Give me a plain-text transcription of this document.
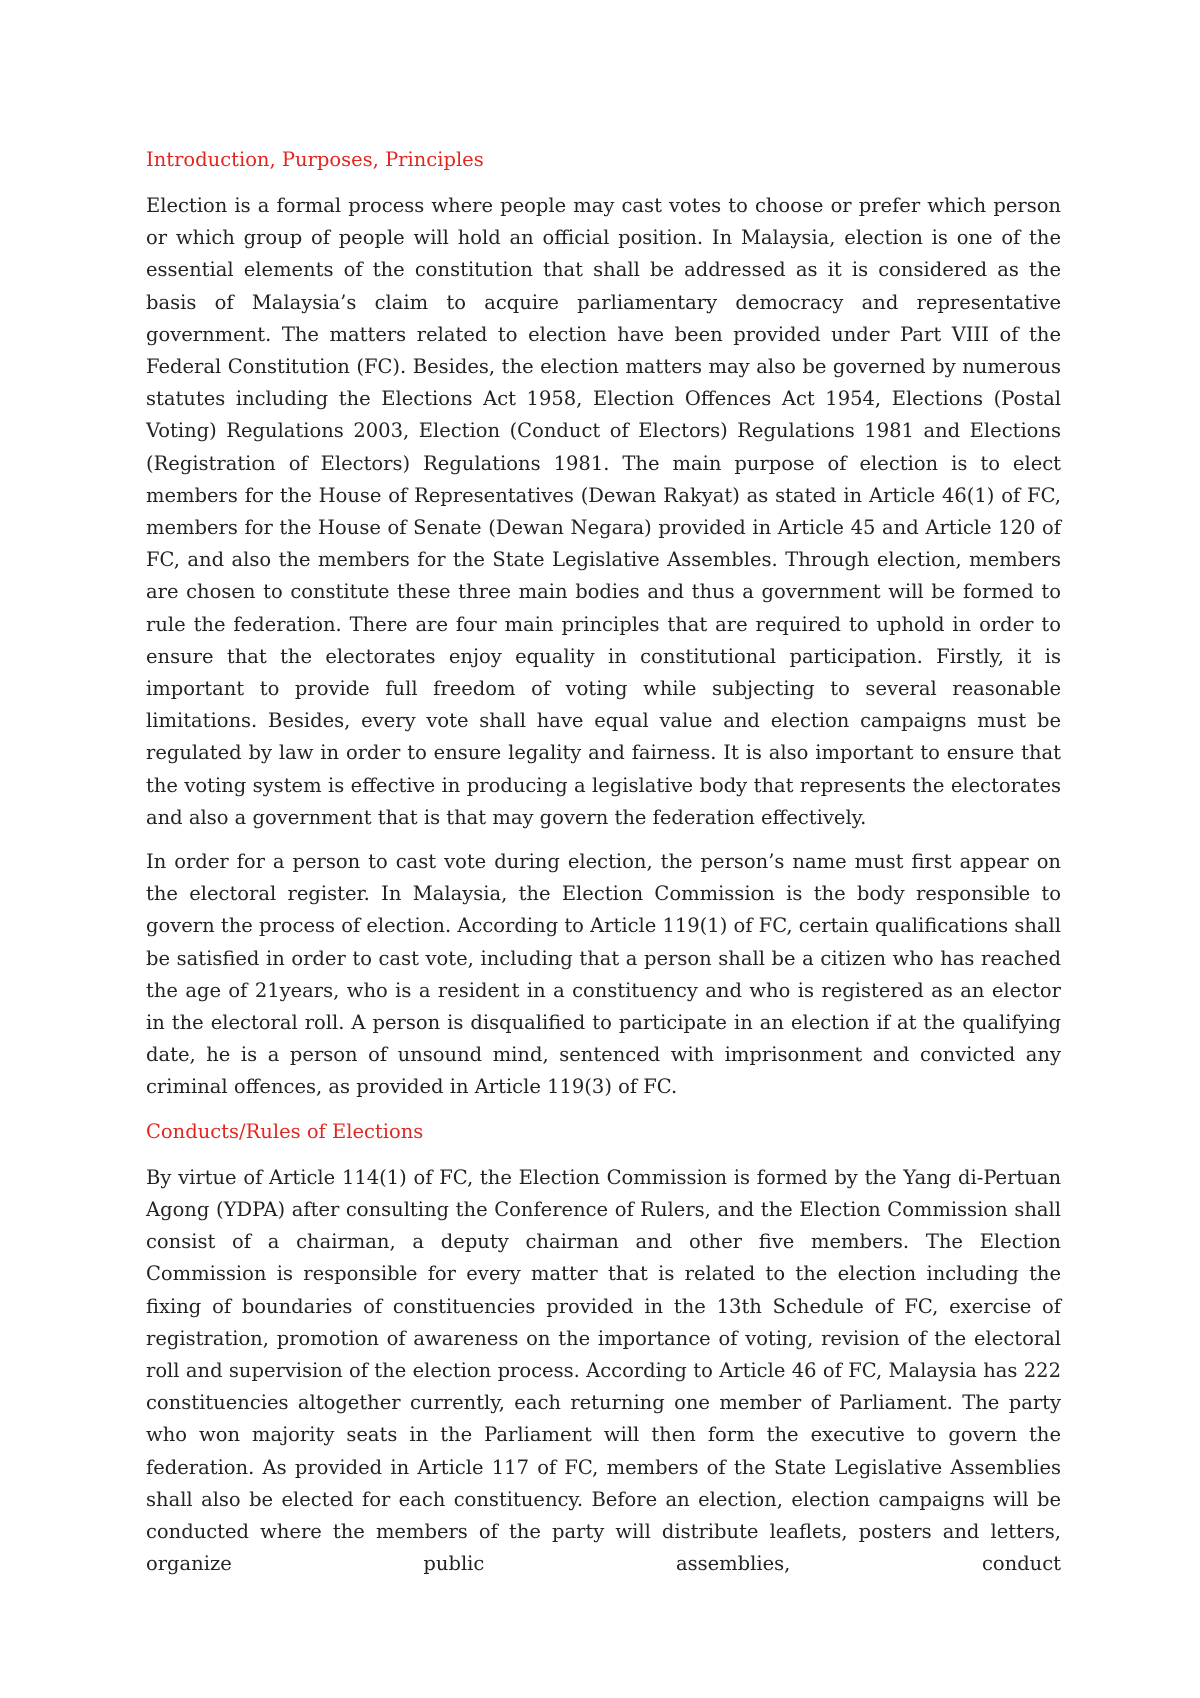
Introduction, Purposes, Principles

Election is a formal process where people may cast votes to choose or prefer which person or which group of people will hold an official position. In Malaysia, election is one of the essential elements of the constitution that shall be addressed as it is considered as the basis of Malaysia’s claim to acquire parliamentary democracy and representative government. The matters related to election have been provided under Part VIII of the Federal Constitution (FC). Besides, the election matters may also be governed by numerous statutes including the Elections Act 1958, Election Offences Act 1954, Elections (Postal Voting) Regulations 2003, Election (Conduct of Electors) Regulations 1981 and Elections (Registration of Electors) Regulations 1981. The main purpose of election is to elect members for the House of Representatives (Dewan Rakyat) as stated in Article 46(1) of FC, members for the House of Senate (Dewan Negara) provided in Article 45 and Article 120 of FC, and also the members for the State Legislative Assembles. Through election, members are chosen to constitute these three main bodies and thus a government will be formed to rule the federation. There are four main principles that are required to uphold in order to ensure that the electorates enjoy equality in constitutional participation. Firstly, it is important to provide full freedom of voting while subjecting to several reasonable limitations. Besides, every vote shall have equal value and election campaigns must be regulated by law in order to ensure legality and fairness. It is also important to ensure that the voting system is effective in producing a legislative body that represents the electorates and also a government that is that may govern the federation effectively.

In order for a person to cast vote during election, the person’s name must first appear on the electoral register. In Malaysia, the Election Commission is the body responsible to govern the process of election. According to Article 119(1) of FC, certain qualifications shall be satisfied in order to cast vote, including that a person shall be a citizen who has reached the age of 21years, who is a resident in a constituency and who is registered as an elector in the electoral roll. A person is disqualified to participate in an election if at the qualifying date, he is a person of unsound mind, sentenced with imprisonment and convicted any criminal offences, as provided in Article 119(3) of FC.

Conducts/Rules of Elections

By virtue of Article 114(1) of FC, the Election Commission is formed by the Yang di-Pertuan Agong (YDPA) after consulting the Conference of Rulers, and the Election Commission shall consist of a chairman, a deputy chairman and other five members. The Election Commission is responsible for every matter that is related to the election including the fixing of boundaries of constituencies provided in the 13th Schedule of FC, exercise of registration, promotion of awareness on the importance of voting, revision of the electoral roll and supervision of the election process. According to Article 46 of FC, Malaysia has 222 constituencies altogether currently, each returning one member of Parliament. The party who won majority seats in the Parliament will then form the executive to govern the federation. As provided in Article 117 of FC, members of the State Legislative Assemblies shall also be elected for each constituency. Before an election, election campaigns will be conducted where the members of the party will distribute leaflets, posters and letters, organize public assemblies, conduct
